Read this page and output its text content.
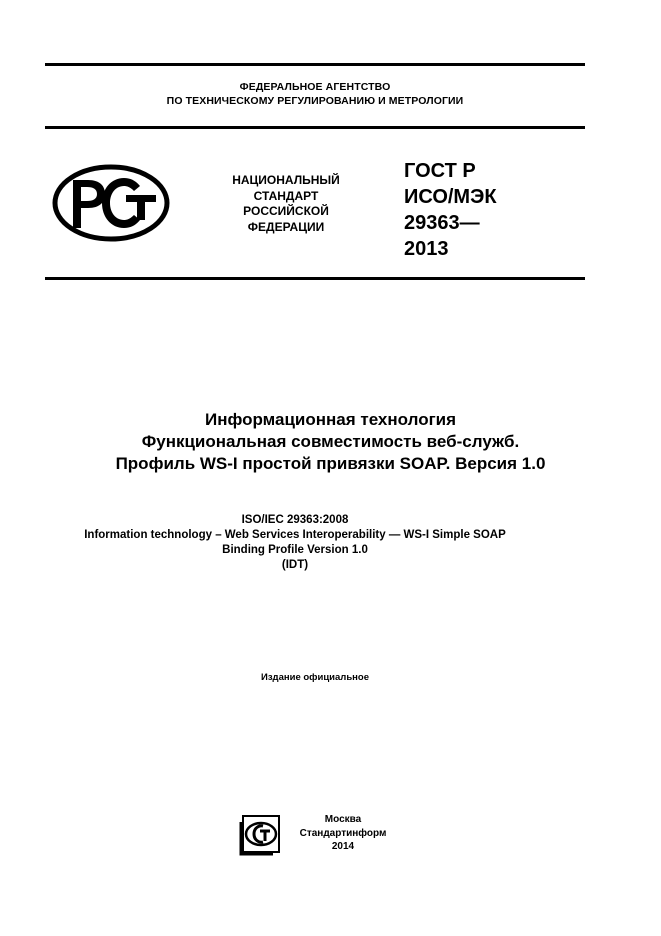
ФЕДЕРАЛЬНОЕ АГЕНТСТВО
ПО ТЕХНИЧЕСКОМУ РЕГУЛИРОВАНИЮ И МЕТРОЛОГИИ
НАЦИОНАЛЬНЫЙ
СТАНДАРТ
РОССИЙСКОЙ
ФЕДЕРАЦИИ
ГОСТ Р
ИСО/МЭК
29363—
2013
Информационная технология
Функциональная совместимость веб-служб.
Профиль WS-I простой привязки SOAP. Версия 1.0
ISO/IEC 29363:2008
Information technology – Web Services Interoperability — WS-I Simple SOAP
Binding Profile Version 1.0
(IDT)
Издание официальное
Москва
Стандартинформ
2014
